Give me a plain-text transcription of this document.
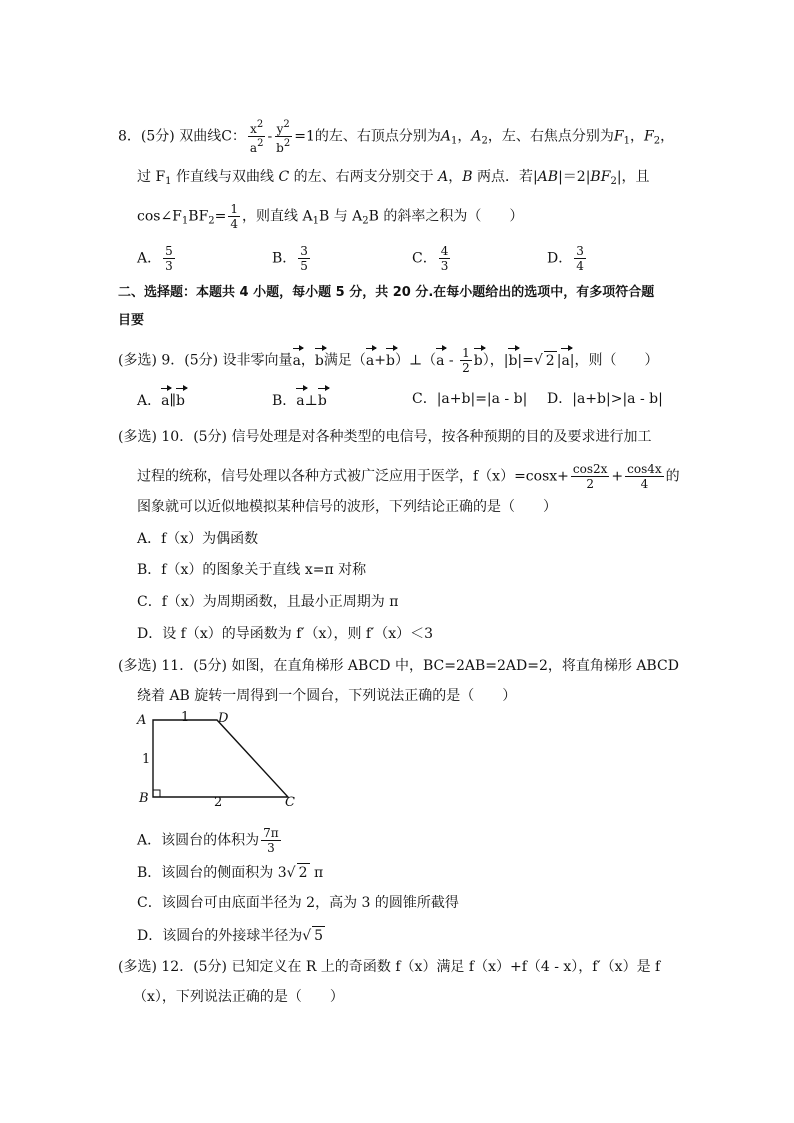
8．(5分) 双曲线C： $\frac{x^2}{a^2} - \frac{y^2}{b^2} =1$的左、右顶点分别为$A_1$，$A_2$，左、右焦点分别为$F_1$，$F_2$，
过 $F_1$ 作直线与双曲线 C 的左、右两支分别交于 A，B 两点．若$|AB|=2|BF_2|$，且
$\cos\angle F_1BF_2= \frac{1}{4}$ ，则直线 $A_1B$ 与 $A_2B$ 的斜率之积为（　　）
A． $\frac{5}{3}$	B． $\frac{3}{5}$	C． $\frac{4}{3}$	D． $\frac{3}{4}$
二、选择题：本题共 4 小题，每小题 5 分，共 20 分.在每小题给出的选项中，有多项符合题
目要
(多选) 9．(5分) 设非零向量a，b满足（a+b）⊥（a - $\frac{1}{2} b$），|b|=√ 2 |a|，则（　　）
A．a∥b	B．a⊥b	C．|a+b|=|a - b| D．|a+b|>|a - b|
(多选) 10．(5分) 信号处理是对各种类型的电信号，按各种预期的目的及要求进行加工
过程的统称，信号处理以各种方式被广泛应用于医学，$f(x)=\cos x+ \frac{\cos 2x}{2} + \frac{\cos 4x}{4}$ 的
图象就可以近似地模拟某种信号的波形，下列结论正确的是（　　）
A．f（x）为偶函数
B．f（x）的图象关于直线 x=π 对称
C．f（x）为周期函数，且最小正周期为 π
D．设 f（x）的导函数为 f′（x），则 f′（x）＜3
(多选) 11．(5分) 如图，在直角梯形 ABCD 中，BC=2AB=2AD=2，将直角梯形 ABCD
绕着 AB 旋转一周得到一个圆台，下列说法正确的是（　　）
A	D
B	C
1
1
2
A．该圆台的体积为 $\frac{7\pi}{3}$
B．该圆台的侧面积为 3√ 2 π
C．该圆台可由底面半径为 2，高为 3 的圆锥所截得
D．该圆台的外接球半径为√ 5
(多选) 12．(5分) 已知定义在 R 上的奇函数 f（x）满足 f（x）+f（4 - x），f′（x）是 f
（x），下列说法正确的是（　　）
